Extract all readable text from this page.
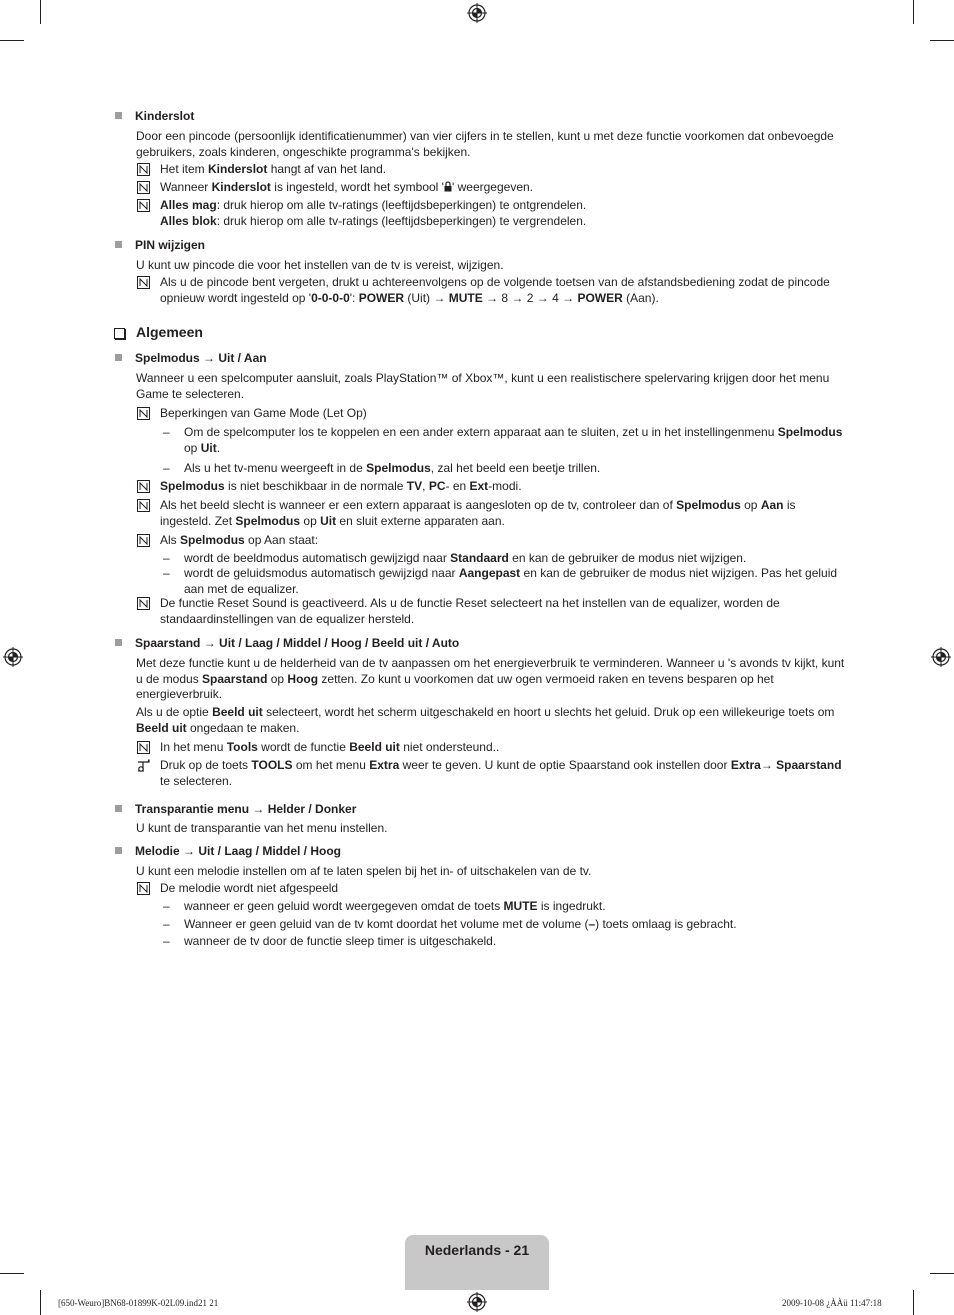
Kinderslot
Door een pincode (persoonlijk identificatienummer) van vier cijfers in te stellen, kunt u met deze functie voorkomen dat onbevoegde gebruikers, zoals kinderen, ongeschikte programma's bekijken.
Het item Kinderslot hangt af van het land.
Wanneer Kinderslot is ingesteld, wordt het symbool ' ' weergegeven.
Alles mag: druk hierop om alle tv-ratings (leeftijdsbeperkingen) te ontgrendelen.
Alles blok: druk hierop om alle tv-ratings (leeftijdsbeperkingen) te vergrendelen.
PIN wijzigen
U kunt uw pincode die voor het instellen van de tv is vereist, wijzigen.
Als u de pincode bent vergeten, drukt u achtereenvolgens op de volgende toetsen van de afstandsbediening zodat de pincode opnieuw wordt ingesteld op '0-0-0-0': POWER (Uit) → MUTE → 8 → 2 → 4 → POWER (Aan).
Algemeen
Spelmodus → Uit / Aan
Wanneer u een spelcomputer aansluit, zoals PlayStation™ of Xbox™, kunt u een realistischere spelervaring krijgen door het menu Game te selecteren.
Beperkingen van Game Mode (Let Op)
– Om de spelcomputer los te koppelen en een ander extern apparaat aan te sluiten, zet u in het instellingenmenu Spelmodus op Uit.
– Als u het tv-menu weergeeft in de Spelmodus, zal het beeld een beetje trillen.
Spelmodus is niet beschikbaar in de normale TV, PC- en Ext-modi.
Als het beeld slecht is wanneer er een extern apparaat is aangesloten op de tv, controleer dan of Spelmodus op Aan is ingesteld. Zet Spelmodus op Uit en sluit externe apparaten aan.
Als Spelmodus op Aan staat:
– wordt de beeldmodus automatisch gewijzigd naar Standaard en kan de gebruiker de modus niet wijzigen.
– wordt de geluidsmodus automatisch gewijzigd naar Aangepast en kan de gebruiker de modus niet wijzigen. Pas het geluid aan met de equalizer.
De functie Reset Sound is geactiveerd. Als u de functie Reset selecteert na het instellen van de equalizer, worden de standaardinstellingen van de equalizer hersteld.
Spaarstand → Uit / Laag / Middel / Hoog / Beeld uit / Auto
Met deze functie kunt u de helderheid van de tv aanpassen om het energieverbruik te verminderen. Wanneer u 's avonds tv kijkt, kunt u de modus Spaarstand op Hoog zetten. Zo kunt u voorkomen dat uw ogen vermoeid raken en tevens besparen op het energieverbruik.
Als u de optie Beeld uit selecteert, wordt het scherm uitgeschakeld en hoort u slechts het geluid. Druk op een willekeurige toets om Beeld uit ongedaan te maken.
In het menu Tools wordt de functie Beeld uit niet ondersteund..
Druk op de toets TOOLS om het menu Extra weer te geven. U kunt de optie Spaarstand ook instellen door Extra→ Spaarstand te selecteren.
Transparantie menu → Helder / Donker
U kunt de transparantie van het menu instellen.
Melodie → Uit / Laag / Middel / Hoog
U kunt een melodie instellen om af te laten spelen bij het in- of uitschakelen van de tv.
De melodie wordt niet afgespeeld
– wanneer er geen geluid wordt weergegeven omdat de toets MUTE is ingedrukt.
– Wanneer er geen geluid van de tv komt doordat het volume met de volume (–) toets omlaag is gebracht.
– wanneer de tv door de functie sleep timer is uitgeschakeld.
Nederlands - 21
[650-Weuro]BN68-01899K-02L09.ind21 21	2009-10-08 ¿ÀÀü 11:47:18
